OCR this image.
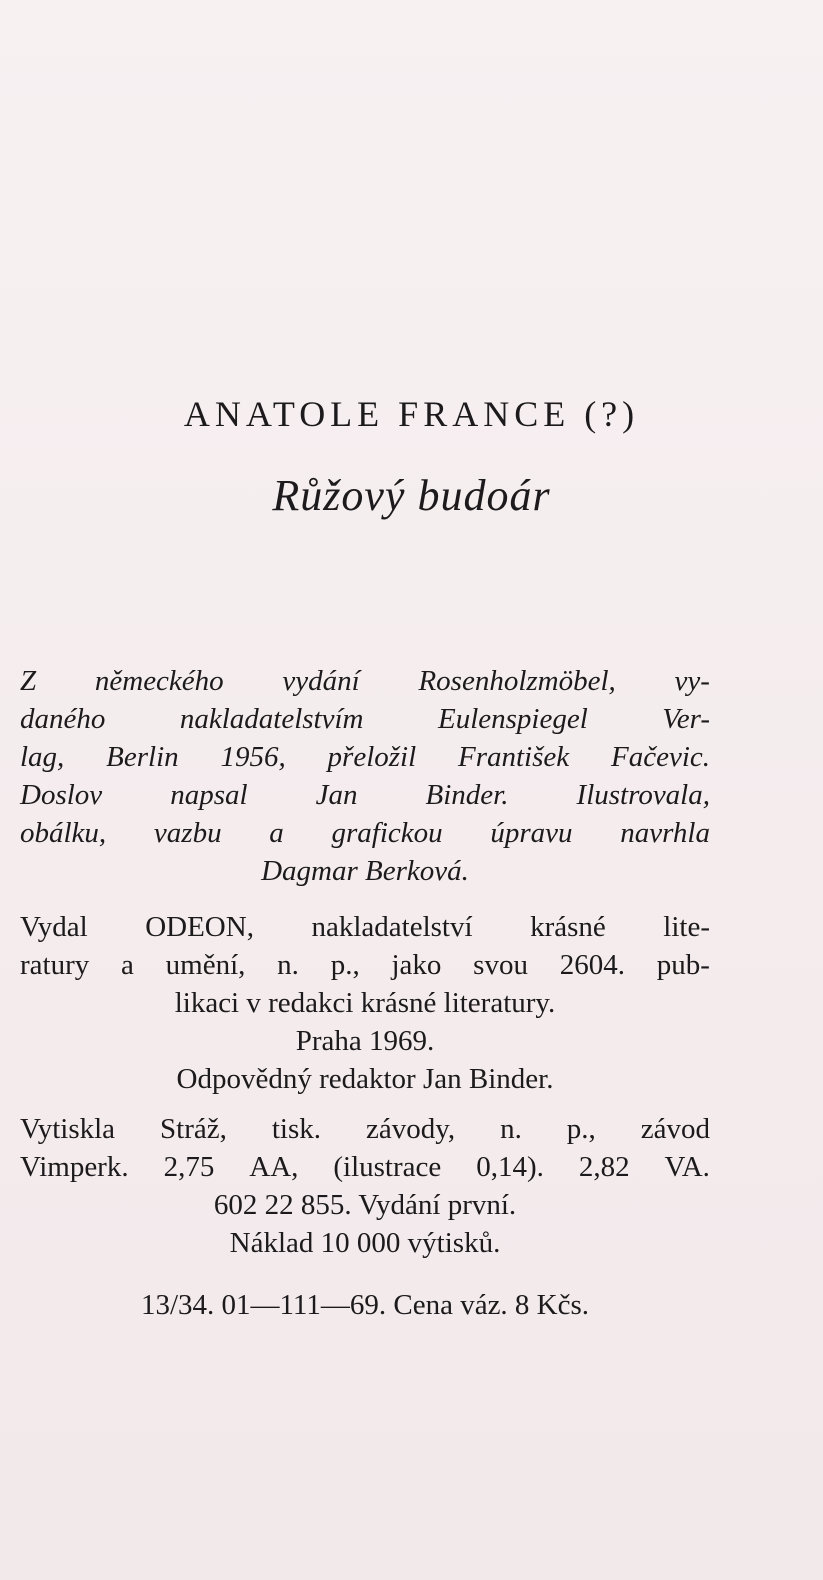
ANATOLE FRANCE (?)
Růžový budoár
Z německého vydání Rosenholzmöbel, vy-
daného	nakladatelstvím	Eulenspiegel	Ver-
lag, Berlin 1956, přeložil František Fačevic.
Doslov napsal Jan Binder. Ilustrovala,
obálku, vazbu a grafickou úpravu navrhla
Dagmar Berková.
Vydal ODEON, nakladatelství krásné lite-
ratury a umění, n. p., jako svou 2604. pub-
likaci v redakci krásné literatury.
Praha 1969.
Odpovědný redaktor Jan Binder.
Vytiskla Stráž, tisk. závody, n. p., závod
Vimperk. 2,75 AA, (ilustrace 0,14). 2,82 VA.
602 22 855. Vydání první.
Náklad 10 000 výtisků.
13/34. 01—111—69. Cena váz. 8 Kčs.
